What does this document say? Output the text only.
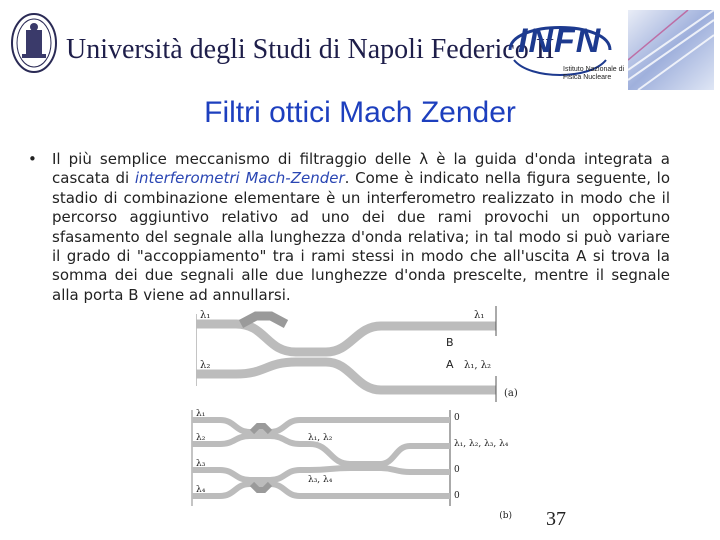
Università degli Studi di Napoli Federico II
INFN
Istituto Nazionale di Fisica Nucleare
Filtri ottici Mach Zender
• Il più semplice meccanismo di filtraggio delle λ è la guida d'onda integrata a cascata di interferometri Mach-Zender. Come è indicato nella figura seguente, lo stadio di combinazione elementare è un interferometro realizzato in modo che il percorso aggiuntivo relativo ad uno dei due rami provochi un opportuno sfasamento del segnale alla lunghezza d'onda relativa; in tal modo si può variare il grado di "accoppiamento" tra i rami stessi in modo che all'uscita A si trova la somma dei due segnali alle due lunghezze d'onda prescelte, mentre il segnale alla porta B viene ad annullarsi.
λ₁
λ₂
B
A
λ₁
λ₁, λ₂
(a)
λ₁
λ₂
λ₃
λ₄
λ₁, λ₂
λ₃, λ₄
0
λ₁, λ₂, λ₃, λ₄
0
0
(b) 37
